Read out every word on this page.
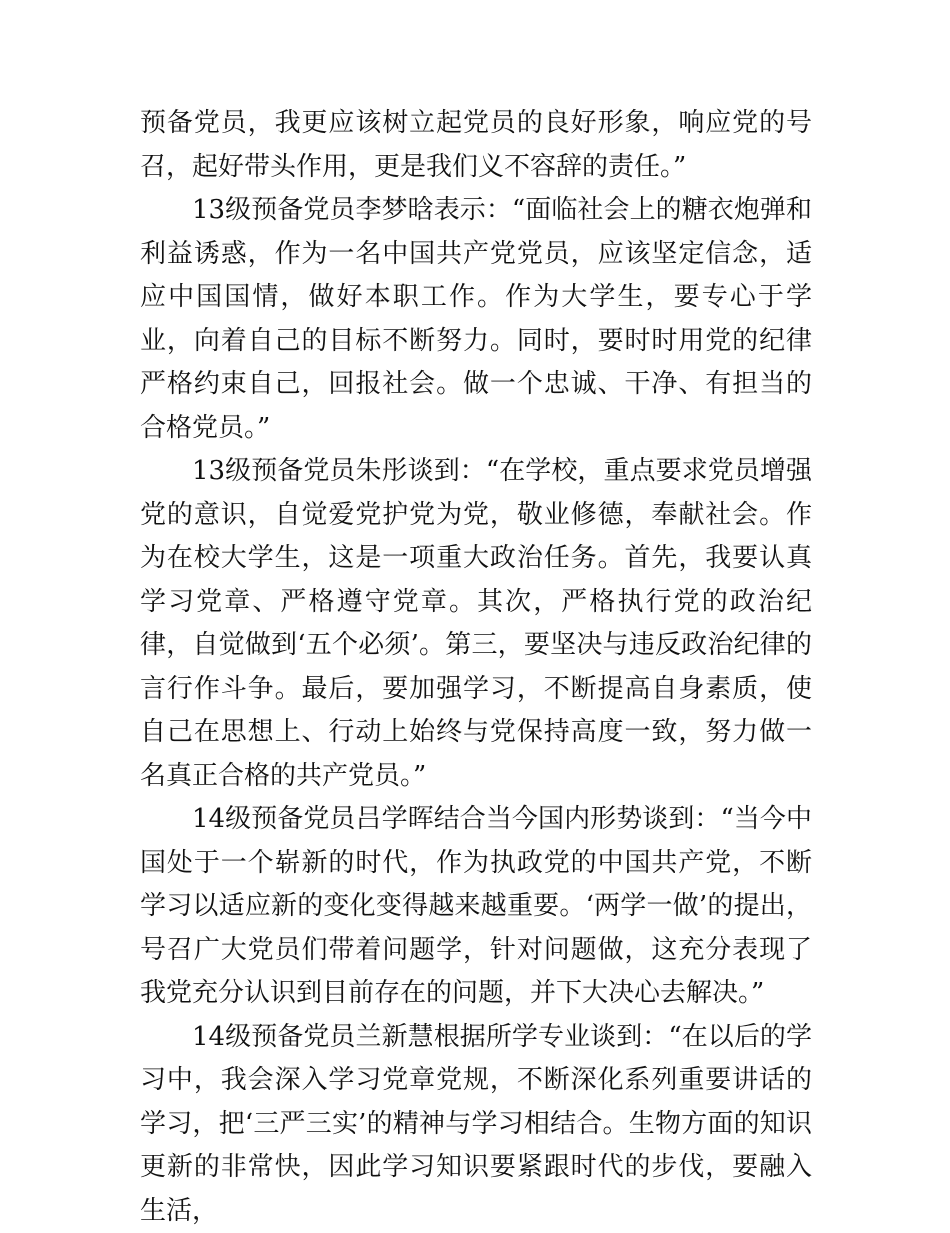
预备党员，我更应该树立起党员的良好形象，响应党的号召，起好带头作用，更是我们义不容辞的责任。”

13级预备党员李梦晗表示：“面临社会上的糖衣炮弹和利益诱惑，作为一名中国共产党党员，应该坚定信念，适应中国国情，做好本职工作。作为大学生，要专心于学业，向着自己的目标不断努力。同时，要时时用党的纪律严格约束自己，回报社会。做一个忠诚、干净、有担当的合格党员。”

13级预备党员朱彤谈到：“在学校，重点要求党员增强党的意识，自觉爱党护党为党，敬业修德，奉献社会。作为在校大学生，这是一项重大政治任务。首先，我要认真学习党章、严格遵守党章。其次，严格执行党的政治纪律，自觉做到‘五个必须’。第三，要坚决与违反政治纪律的言行作斗争。最后，要加强学习，不断提高自身素质，使自己在思想上、行动上始终与党保持高度一致，努力做一名真正合格的共产党员。”

14级预备党员吕学晖结合当今国内形势谈到：“当今中国处于一个崭新的时代，作为执政党的中国共产党，不断学习以适应新的变化变得越来越重要。‘两学一做’的提出，号召广大党员们带着问题学，针对问题做，这充分表现了我党充分认识到目前存在的问题，并下大决心去解决。”

14级预备党员兰新慧根据所学专业谈到：“在以后的学习中，我会深入学习党章党规，不断深化系列重要讲话的学习，把‘三严三实’的精神与学习相结合。生物方面的知识更新的非常快，因此学习知识要紧跟时代的步伐，要融入生活，
